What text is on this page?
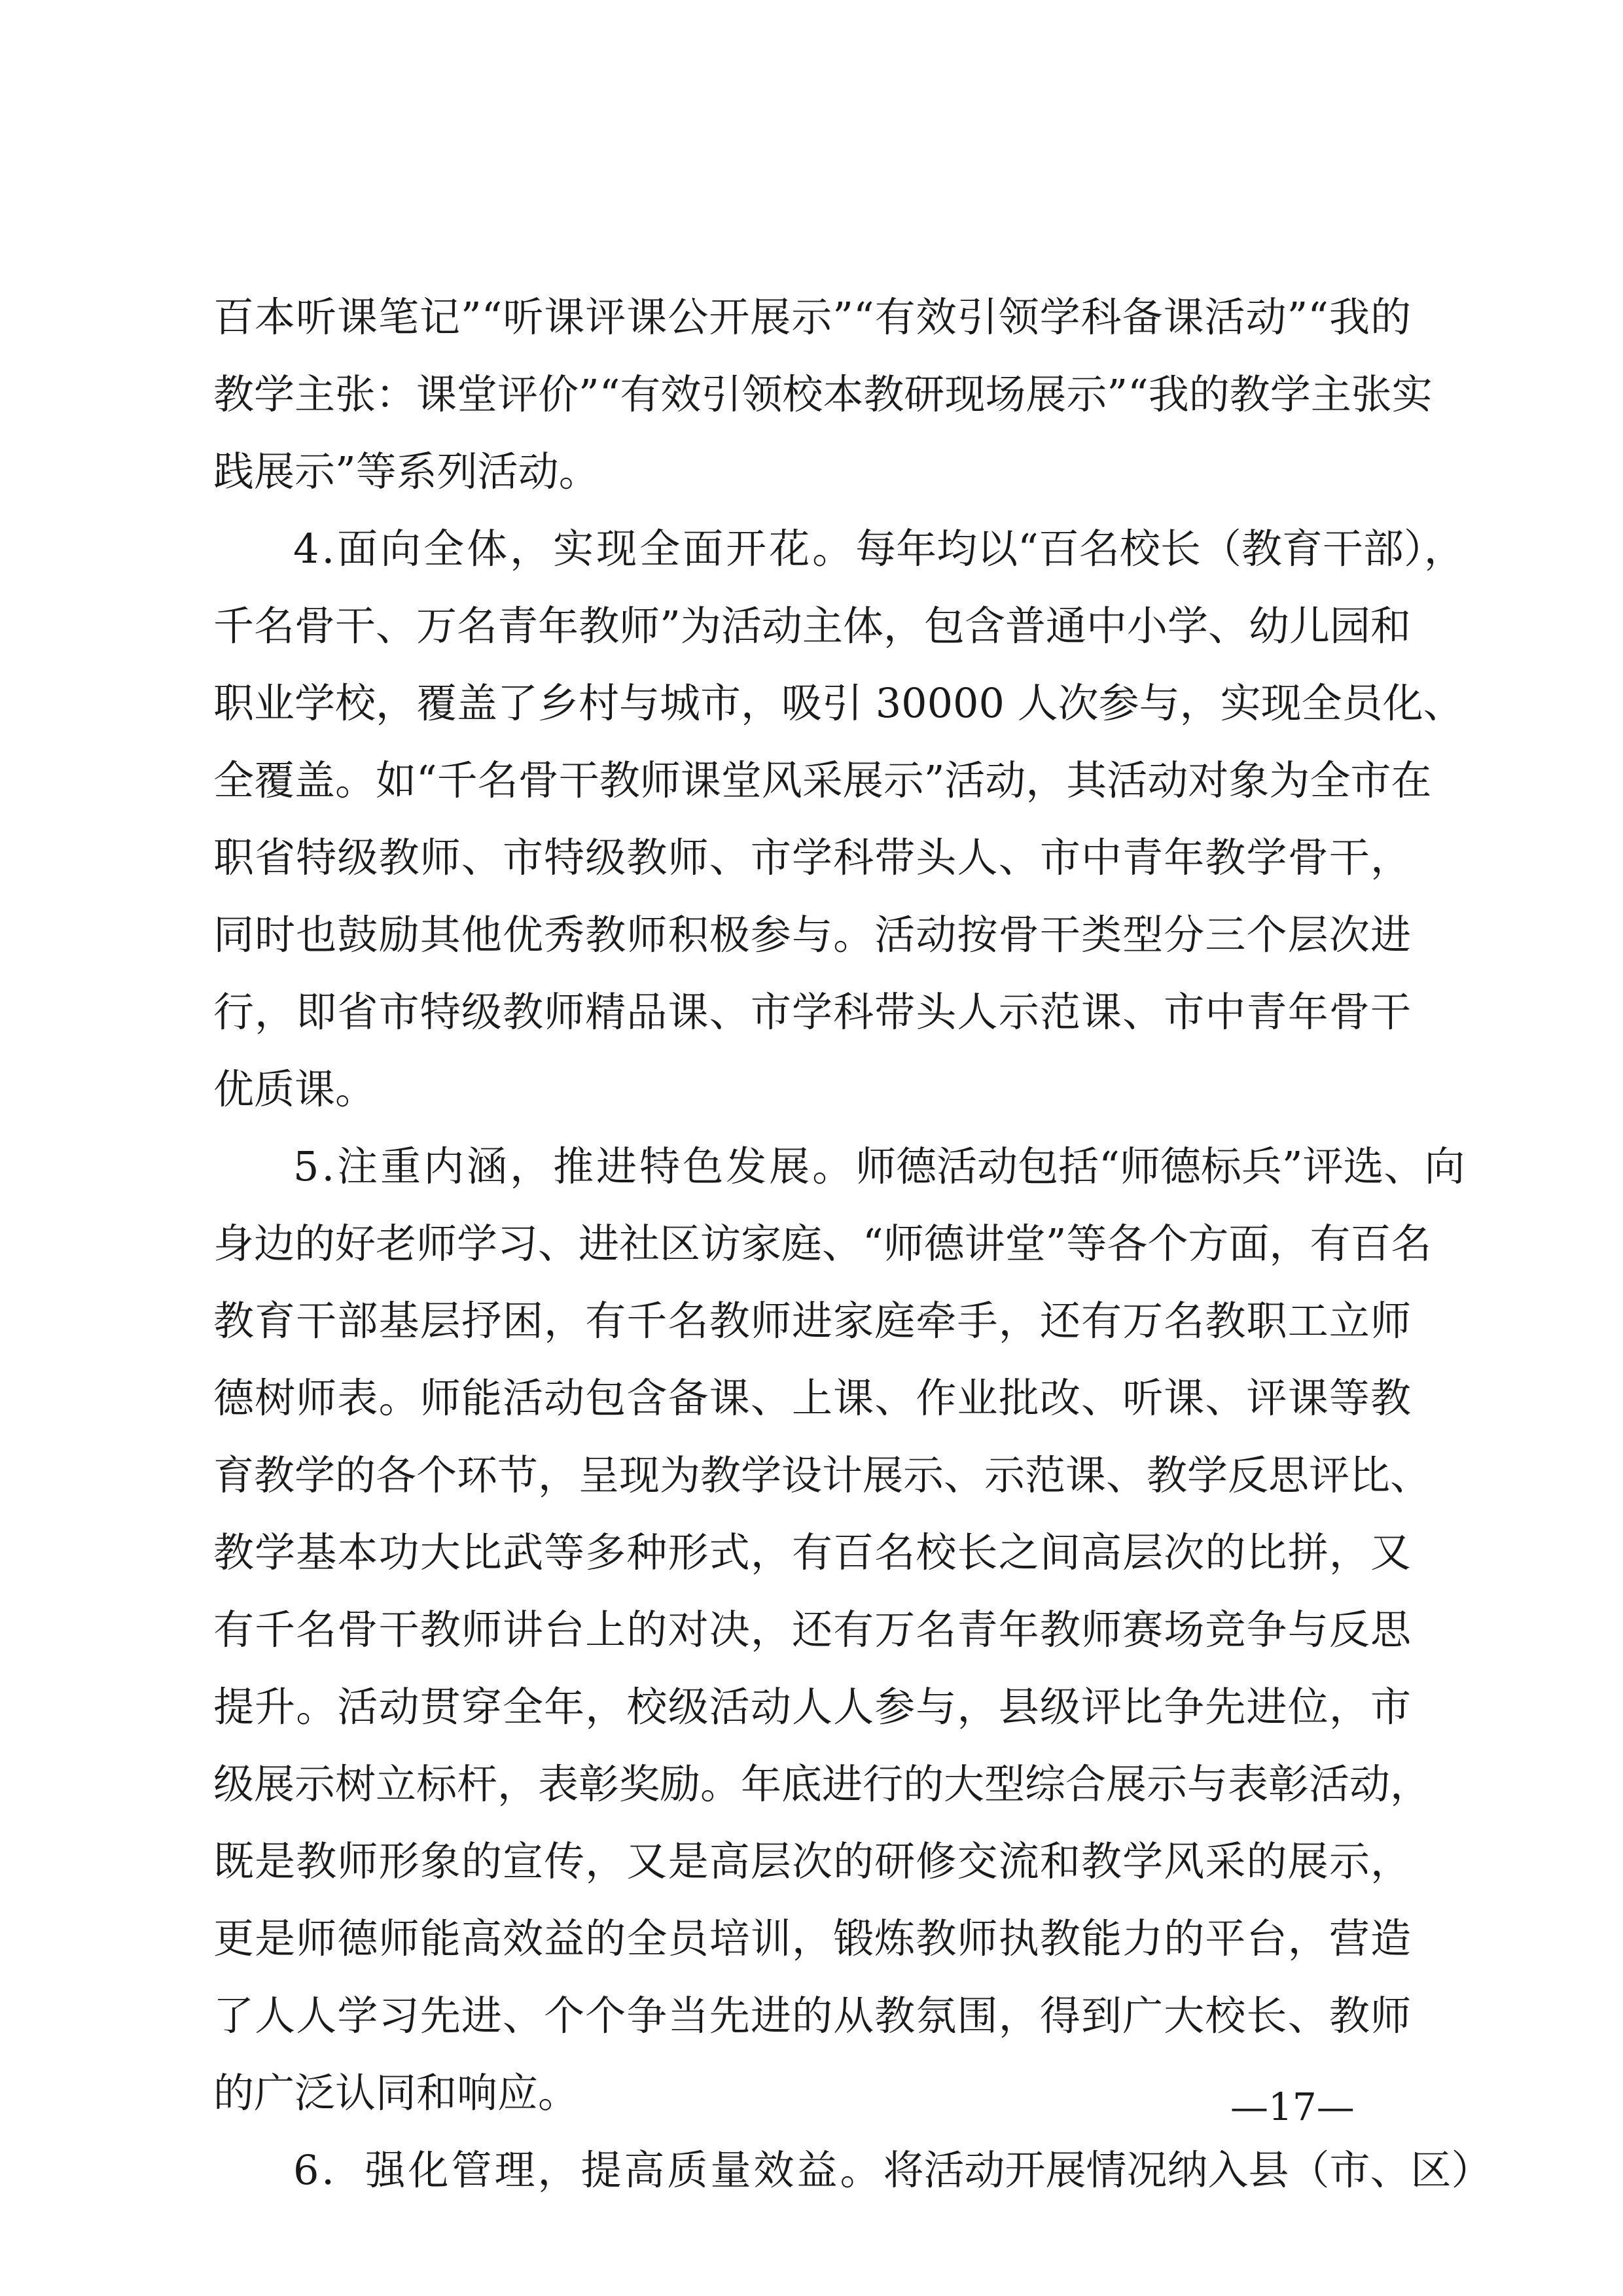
百本听课笔记”“听课评课公开展示”“有效引领学科备课活动”“我的
教学主张：课堂评价”“有效引领校本教研现场展示”“我的教学主张实
践展示”等系列活动。
4.面向全体，实现全面开花。每年均以“百名校长（教育干部），
千名骨干、万名青年教师”为活动主体，包含普通中小学、幼儿园和
职业学校，覆盖了乡村与城市，吸引 30000 人次参与，实现全员化、
全覆盖。如“千名骨干教师课堂风采展示”活动，其活动对象为全市在
职省特级教师、市特级教师、市学科带头人、市中青年教学骨干，
同时也鼓励其他优秀教师积极参与。活动按骨干类型分三个层次进
行，即省市特级教师精品课、市学科带头人示范课、市中青年骨干
优质课。
5.注重内涵，推进特色发展。师德活动包括“师德标兵”评选、向
身边的好老师学习、进社区访家庭、“师德讲堂”等各个方面，有百名
教育干部基层抒困，有千名教师进家庭牵手，还有万名教职工立师
德树师表。师能活动包含备课、上课、作业批改、听课、评课等教
育教学的各个环节，呈现为教学设计展示、示范课、教学反思评比、
教学基本功大比武等多种形式，有百名校长之间高层次的比拼，又
有千名骨干教师讲台上的对决，还有万名青年教师赛场竞争与反思
提升。活动贯穿全年，校级活动人人参与，县级评比争先进位，市
级展示树立标杆，表彰奖励。年底进行的大型综合展示与表彰活动，
既是教师形象的宣传，又是高层次的研修交流和教学风采的展示，
更是师德师能高效益的全员培训，锻炼教师执教能力的平台，营造
了人人学习先进、个个争当先进的从教氛围，得到广大校长、教师
的广泛认同和响应。
6．强化管理，提高质量效益。将活动开展情况纳入县（市、区）
—17—
